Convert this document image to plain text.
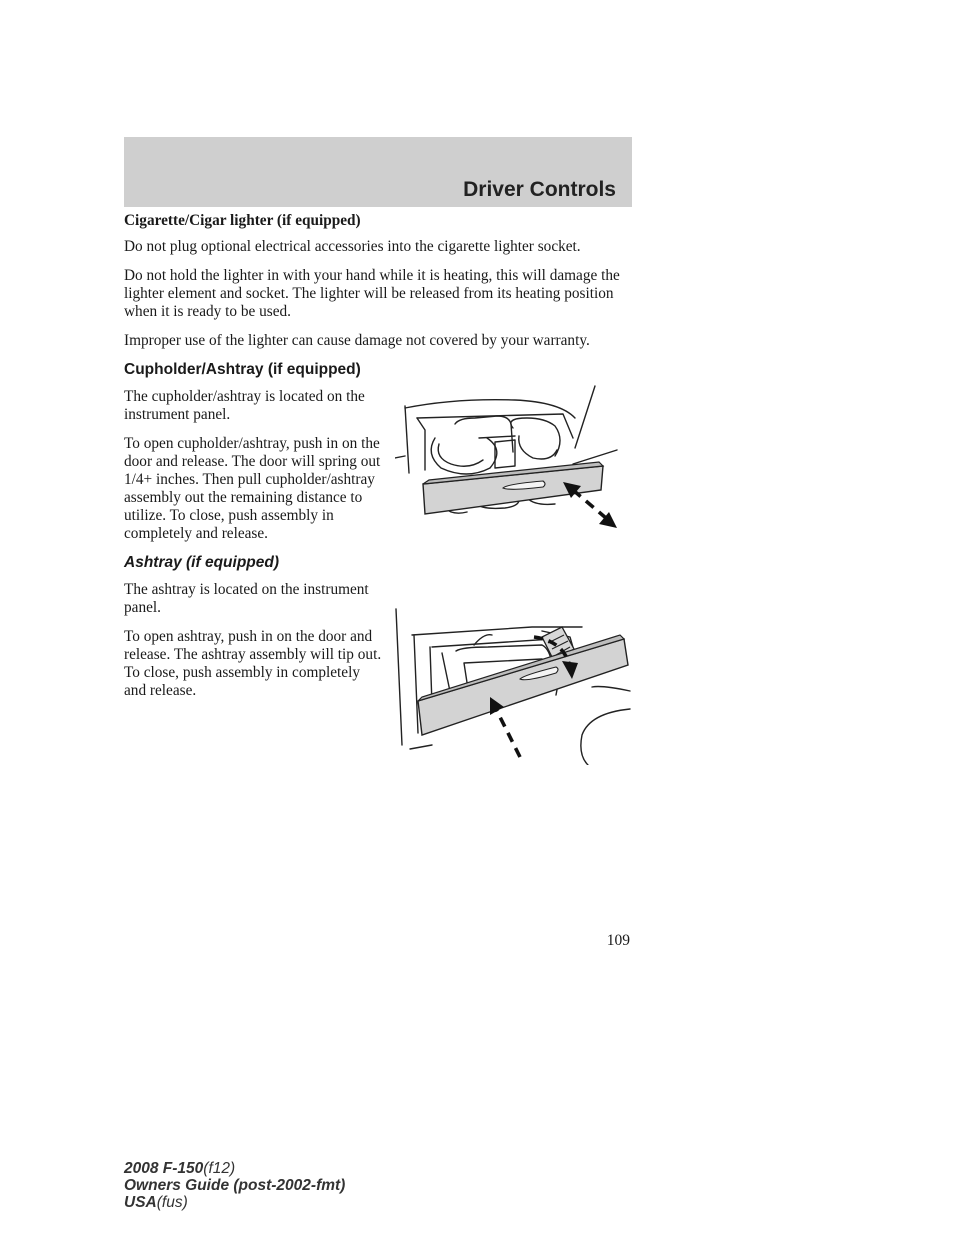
Driver Controls

Cigarette/Cigar lighter (if equipped)

Do not plug optional electrical accessories into the cigarette lighter socket.

Do not hold the lighter in with your hand while it is heating, this will damage the lighter element and socket. The lighter will be released from its heating position when it is ready to be used.

Improper use of the lighter can cause damage not covered by your warranty.

Cupholder/Ashtray (if equipped)

The cupholder/ashtray is located on the instrument panel.

To open cupholder/ashtray, push in on the door and release. The door will spring out 1/4+ inches. Then pull cupholder/ashtray assembly out the remaining distance to utilize. To close, push assembly in completely and release.

Ashtray (if equipped)

The ashtray is located on the instrument panel.

To open ashtray, push in on the door and release. The ashtray assembly will tip out. To close, push assembly in completely and release.

109
2008 F-150(f12)
Owners Guide (post-2002-fmt)
USA(fus)
